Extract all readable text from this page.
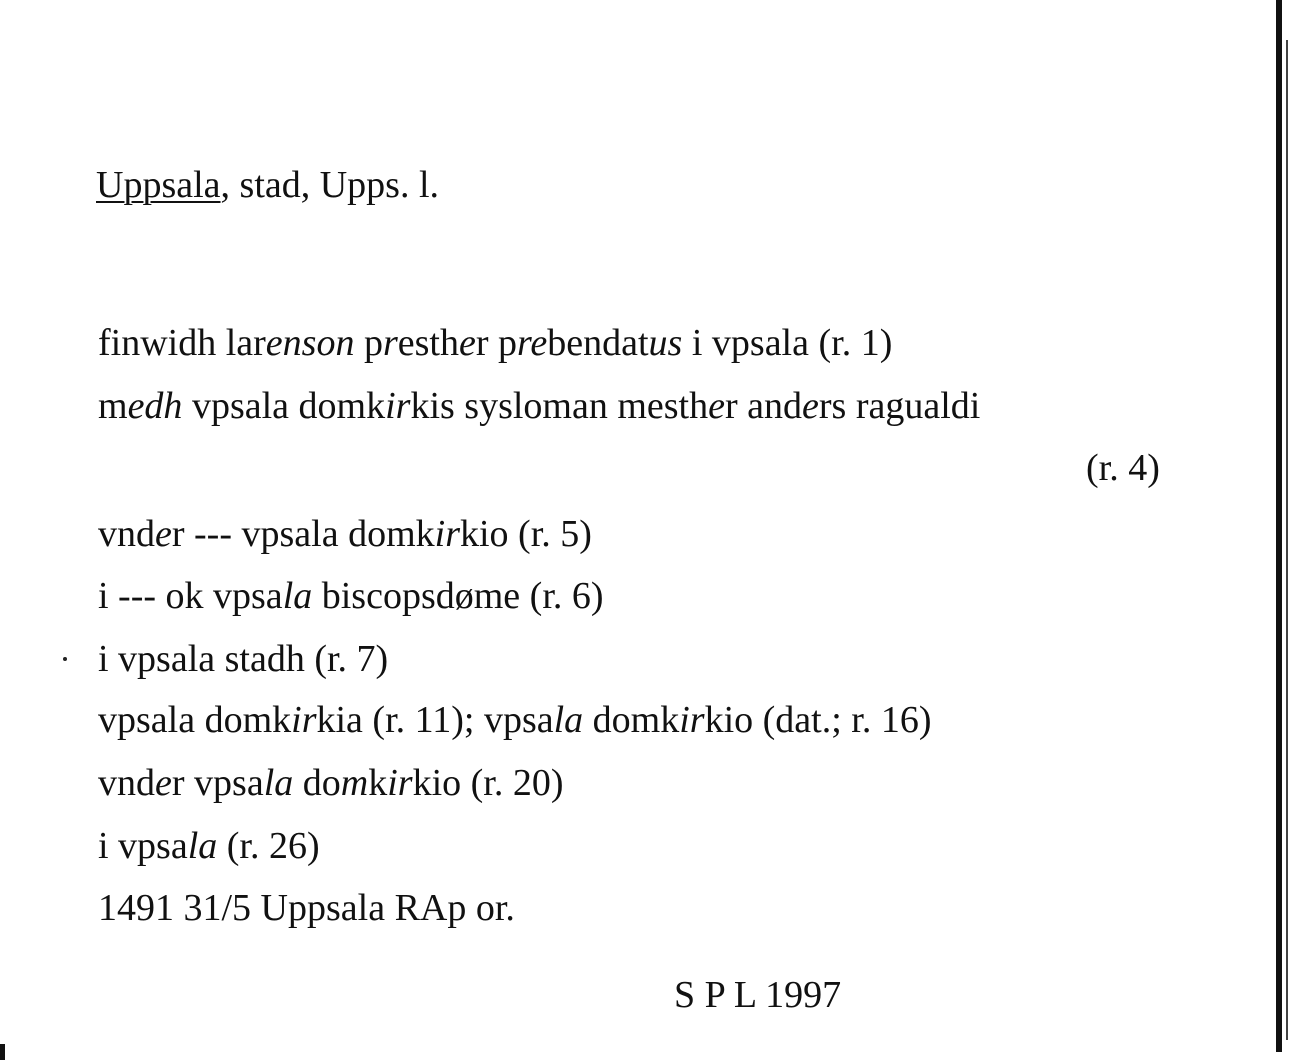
Uppsala, stad, Upps. l.
finwidh larenson presther prebendatus i vpsala (r. 1)
medh vpsala domkirkis sysloman mesther anders ragualdi
(r. 4)
vnder --- vpsala domkirkio (r. 5)
i --- ok vpsala biscopsdøme (r. 6)
i vpsala stadh (r. 7)
vpsala domkirkia (r. 11); vpsala domkirkio (dat.; r. 16)
vnder vpsala domkirkio (r. 20)
i vpsala (r. 26)
1491 31/5 Uppsala RAp or.
S P L 1997
